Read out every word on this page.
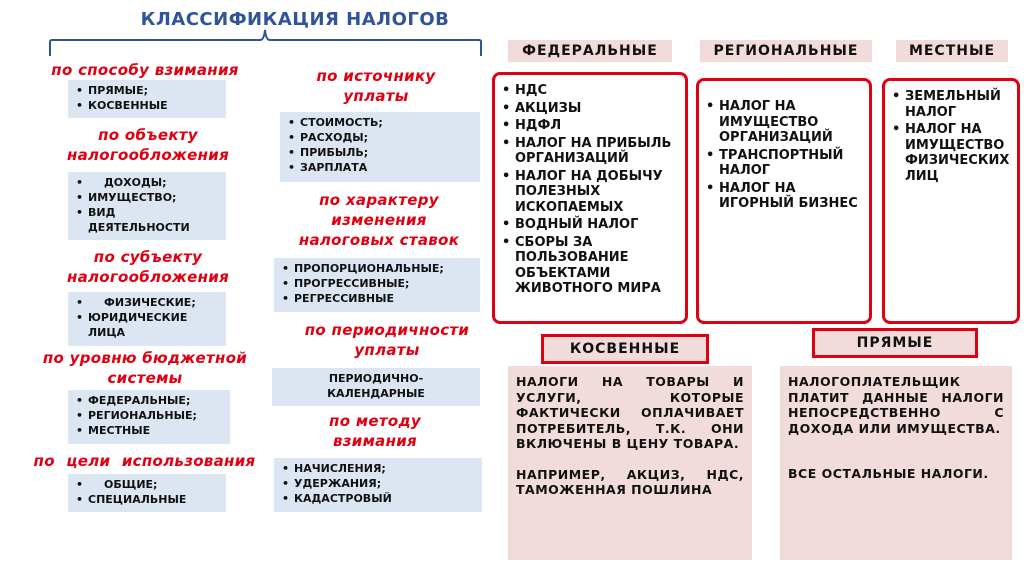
КЛАССИФИКАЦИЯ НАЛОГОВ
по способу взимания
• ПРЯМЫЕ;
• КОСВЕННЫЕ
по объекту налогообложения
• ДОХОДЫ;
• ИМУЩЕСТВО;
• ВИД ДЕЯТЕЛЬНОСТИ
по субъекту налогообложения
• ФИЗИЧЕСКИЕ;
• ЮРИДИЧЕСКИЕ ЛИЦА
по уровню бюджетной системы
• ФЕДЕРАЛЬНЫЕ;
• РЕГИОНАЛЬНЫЕ;
• МЕСТНЫЕ
по цели использования
• ОБЩИЕ;
• СПЕЦИАЛЬНЫЕ
по источнику уплаты
• СТОИМОСТЬ;
• РАСХОДЫ;
• ПРИБЫЛЬ;
• ЗАРПЛАТА
по характеру изменения налоговых ставок
• ПРОПОРЦИОНАЛЬНЫЕ;
• ПРОГРЕССИВНЫЕ;
• РЕГРЕССИВНЫЕ
по периодичности уплаты
ПЕРИОДИЧНО-КАЛЕНДАРНЫЕ
по методу взимания
• НАЧИСЛЕНИЯ;
• УДЕРЖАНИЯ;
• КАДАСТРОВЫЙ
ФЕДЕРАЛЬНЫЕ	РЕГИОНАЛЬНЫЕ	МЕСТНЫЕ
• НДС
• АКЦИЗЫ
• НДФЛ
• НАЛОГ НА ПРИБЫЛЬ ОРГАНИЗАЦИЙ
• НАЛОГ НА ДОБЫЧУ ПОЛЕЗНЫХ ИСКОПАЕМЫХ
• ВОДНЫЙ НАЛОГ
• СБОРЫ ЗА ПОЛЬЗОВАНИЕ ОБЪЕКТАМИ ЖИВОТНОГО МИРА
• НАЛОГ НА ИМУЩЕСТВО ОРГАНИЗАЦИЙ
• ТРАНСПОРТНЫЙ НАЛОГ
• НАЛОГ НА ИГОРНЫЙ БИЗНЕС
• ЗЕМЕЛЬНЫЙ НАЛОГ
• НАЛОГ НА ИМУЩЕСТВО ФИЗИЧЕСКИХ ЛИЦ
КОСВЕННЫЕ

НАЛОГИ НА ТОВАРЫ И УСЛУГИ, КОТОРЫЕ ФАКТИЧЕСКИ ОПЛАЧИВАЕТ ПОТРЕБИТЕЛЬ, Т.К. ОНИ ВКЛЮЧЕНЫ В ЦЕНУ ТОВАРА.

НАПРИМЕР, АКЦИЗ, НДС, ТАМОЖЕННАЯ ПОШЛИНА

ПРЯМЫЕ

НАЛОГОПЛАТЕЛЬЩИК ПЛАТИТ ДАННЫЕ НАЛОГИ НЕПОСРЕДСТВЕННО С ДОХОДА ИЛИ ИМУЩЕСТВА.

ВСЕ ОСТАЛЬНЫЕ НАЛОГИ.
